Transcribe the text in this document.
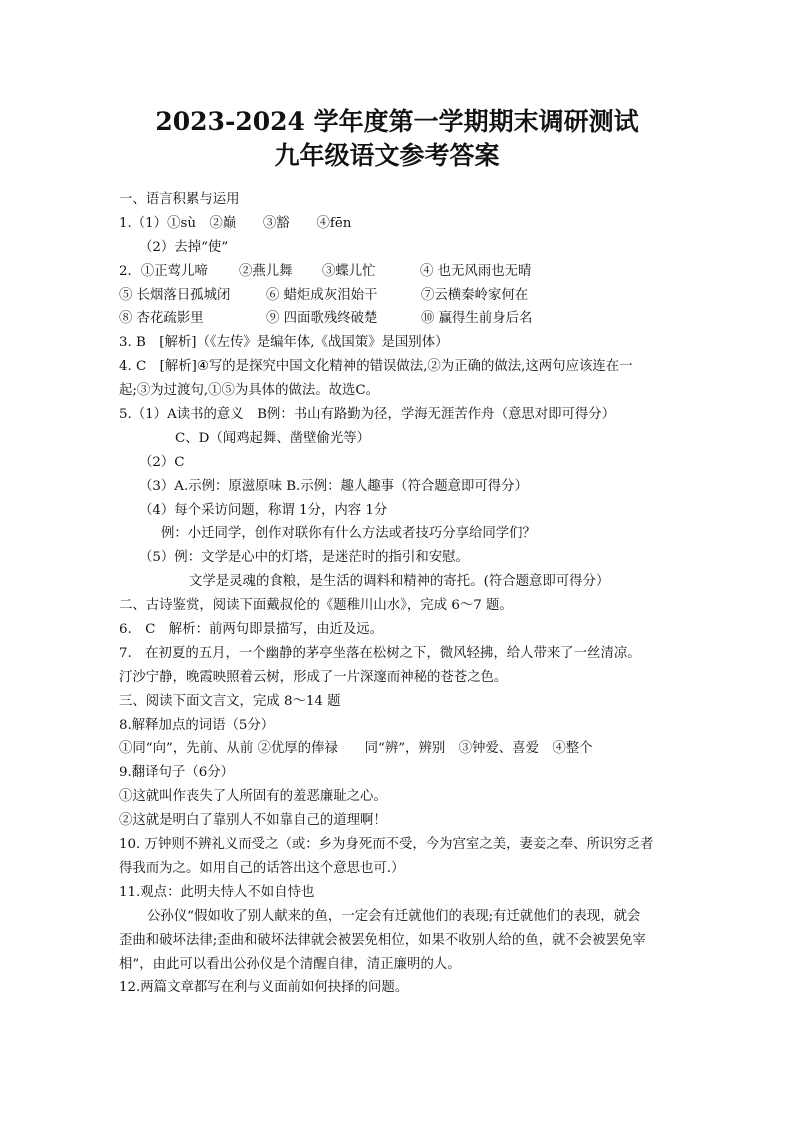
2023-2024 学年度第一学期期末调研测试
九年级语文参考答案
一、语言积累与运用
1.（1）①sù　②巅　　③豁　　④fēn
（2）去掉“使”
2．①正莺儿啼	②燕儿舞	③蝶儿忙	④ 也无风雨也无晴
⑤ 长烟落日孤城闭	⑥ 蜡炬成灰泪始干	⑦云横秦岭家何在
⑧ 杏花疏影里	⑨ 四面歌残终破楚	⑩ 赢得生前身后名
3. B　[解析]（《左传》是编年体,《战国策》是国别体）
4. C　[解析]④写的是探究中国文化精神的错误做法,②为正确的做法,这两句应该连在一
起;③为过渡句,①⑤为具体的做法。故选C。
5.（1）A读书的意义　B例：书山有路勤为径，学海无涯苦作舟（意思对即可得分）
C、D（闻鸡起舞、凿壁偷光等）
（2）C
（3）A.示例：原滋原味 B.示例：趣人趣事（符合题意即可得分）
（4）每个采访问题，称谓 1分，内容 1分
例：小迁同学，创作对联你有什么方法或者技巧分享给同学们？
（5）例：文学是心中的灯塔，是迷茫时的指引和安慰。
文学是灵魂的食粮，是生活的调料和精神的寄托。(符合题意即可得分）
二、古诗鉴赏，阅读下面戴叔伦的《题稚川山水》，完成 6～7 题。
6.　C　解析：前两句即景描写，由近及远。
7.　在初夏的五月，一个幽静的茅亭坐落在松树之下，微风轻拂，给人带来了一丝清凉。
汀沙宁静，晚霞映照着云树，形成了一片深邃而神秘的苍苍之色。
三、阅读下面文言文，完成 8～14 题
8.解释加点的词语（5分）
①同“向”，先前、从前 ②优厚的俸禄　　同“辨”，辨别　③钟爱、喜爱　④整个
9.翻译句子（6分）
①这就叫作丧失了人所固有的羞恶廉耻之心。
②这就是明白了靠别人不如靠自己的道理啊！
10. 万钟则不辨礼义而受之（或：乡为身死而不受，今为宫室之美，妻妾之奉、所识穷乏者
得我而为之。如用自己的话答出这个意思也可.）
11.观点：此明夫恃人不如自恃也
公孙仪“假如收了别人献来的鱼，一定会有迁就他们的表现;有迁就他们的表现，就会
歪曲和破坏法律;歪曲和破坏法律就会被罢免相位，如果不收别人给的鱼，就不会被罢免宰
相”，由此可以看出公孙仪是个清醒自律，清正廉明的人。
12.两篇文章都写在利与义面前如何抉择的问题。
